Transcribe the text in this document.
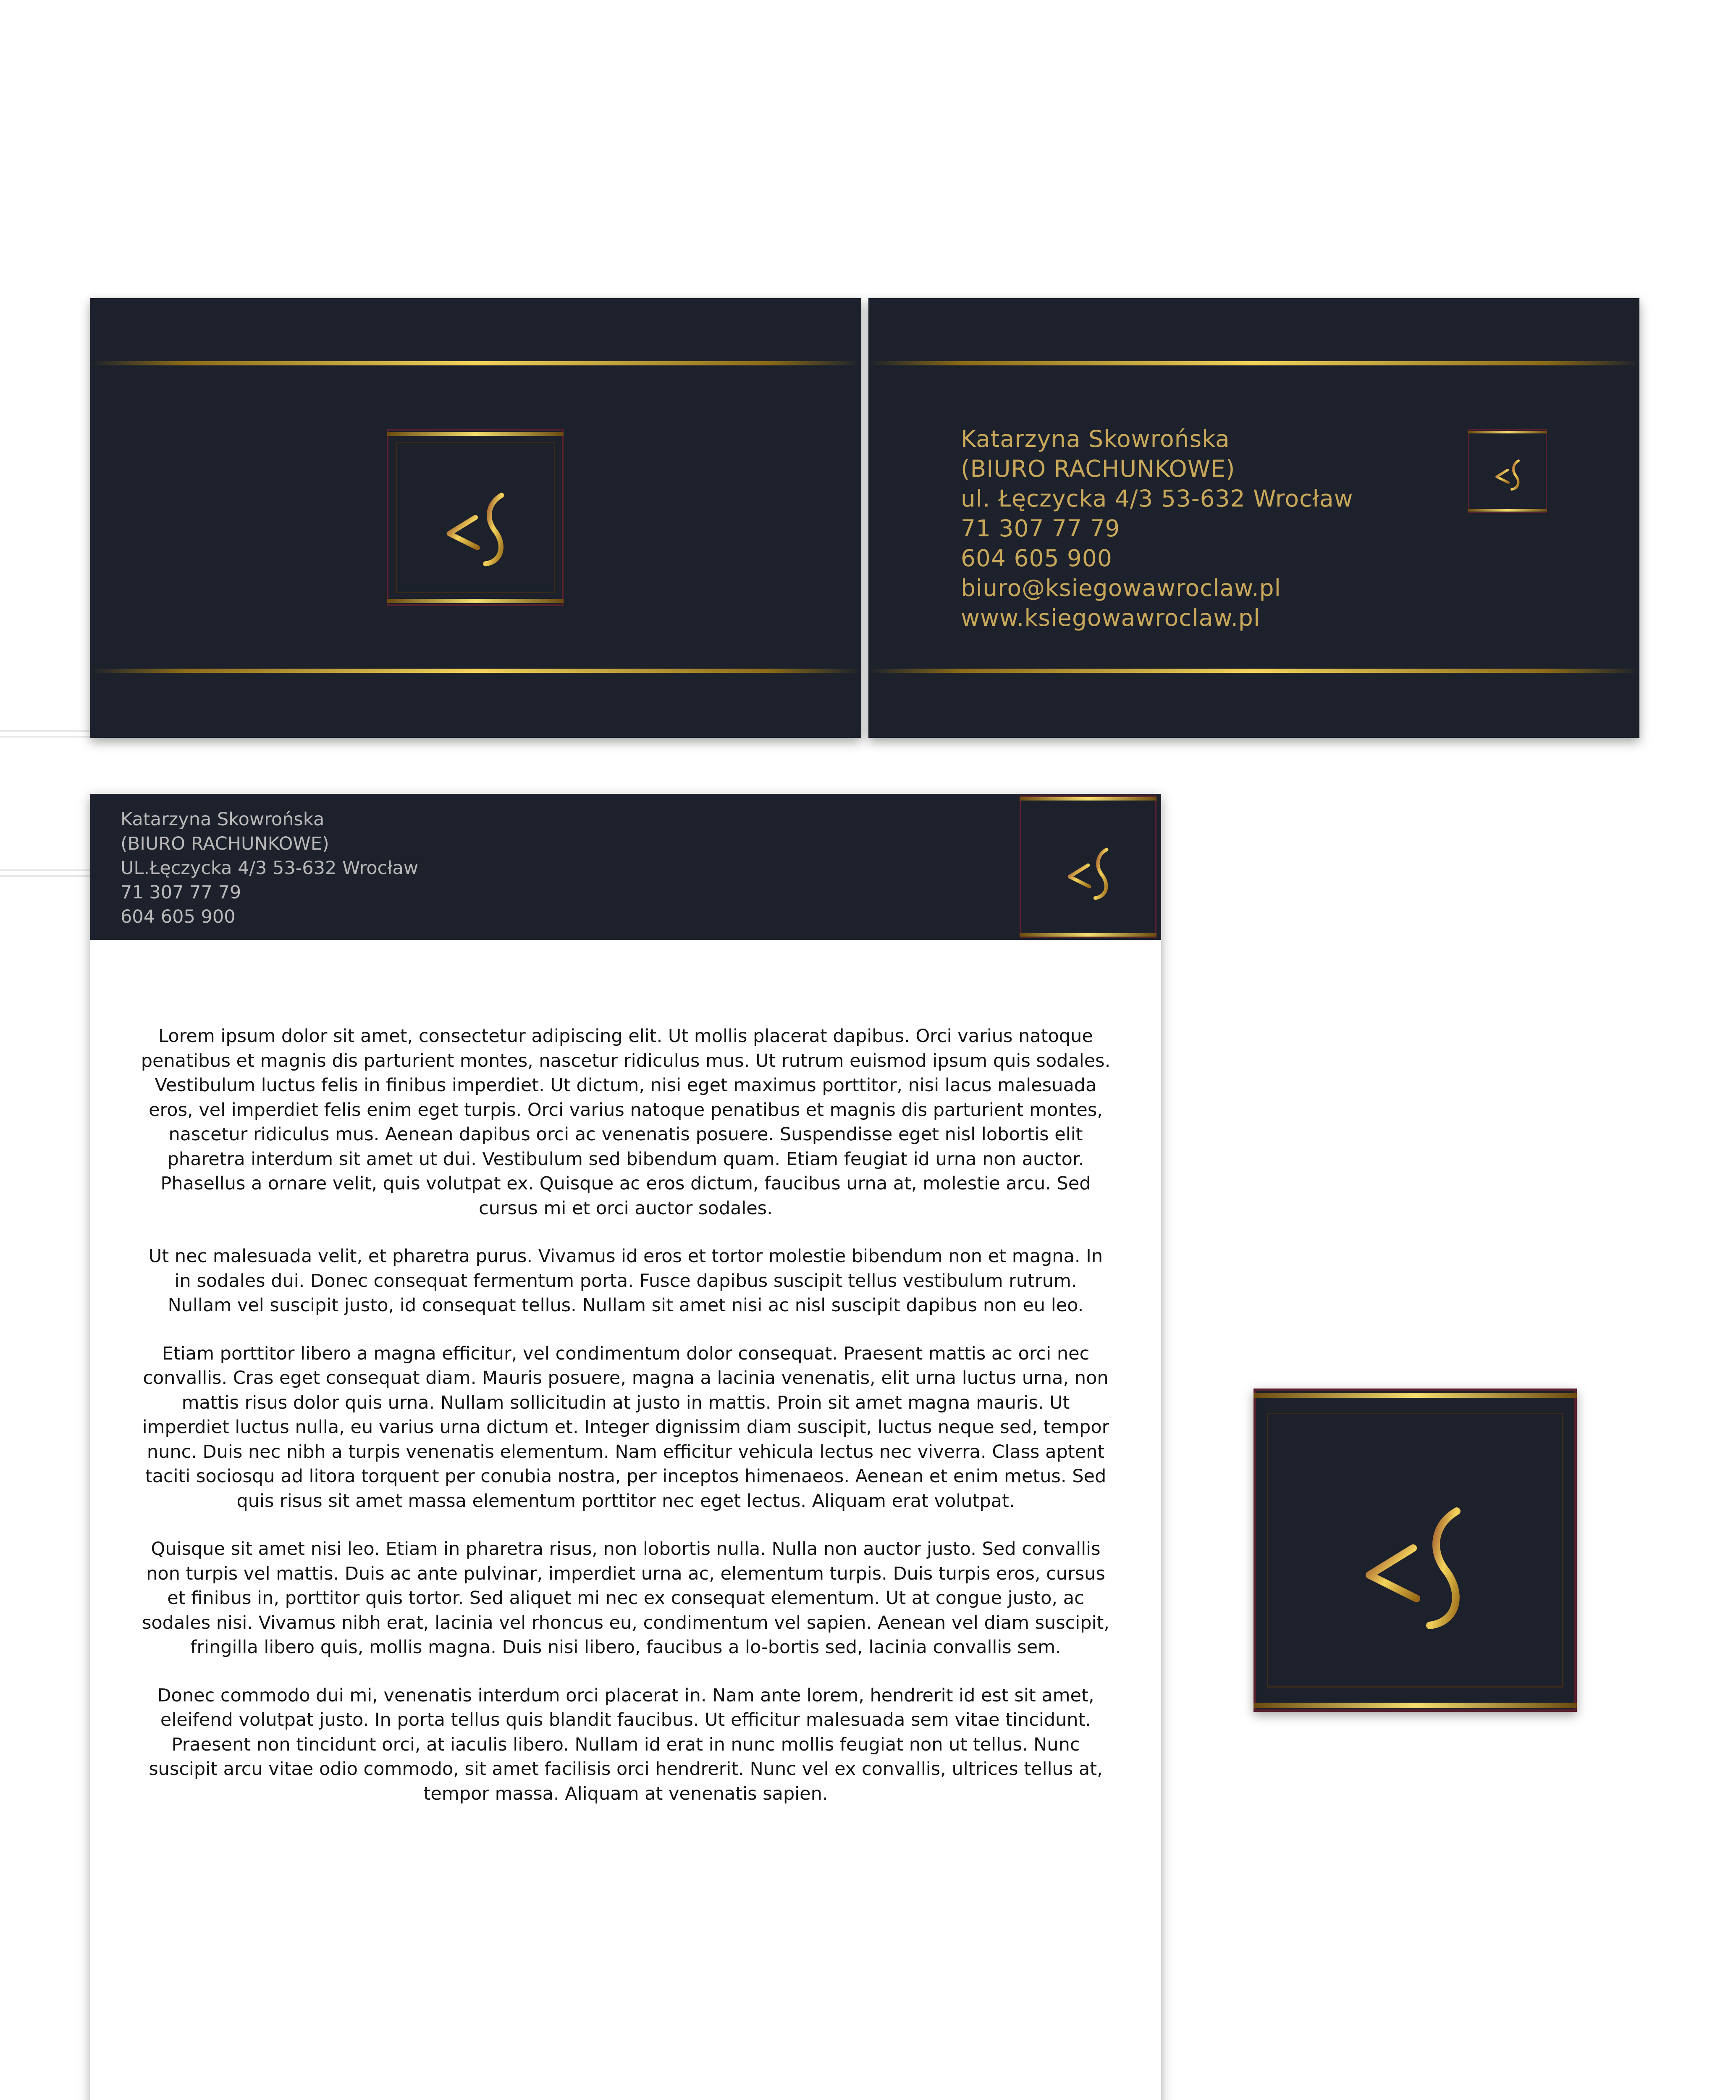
Katarzyna Skowrońska
(BIURO RACHUNKOWE)
ul. Łęczycka 4/3 53-632 Wrocław
71 307 77 79
604 605 900
biuro@ksiegowawroclaw.pl
www.ksiegowawroclaw.pl
Katarzyna Skowrońska
(BIURO RACHUNKOWE)
UL.Łęczycka 4/3 53-632 Wrocław
71 307 77 79
604 605 900

Lorem ipsum dolor sit amet, consectetur adipiscing elit. Ut mollis placerat dapibus. Orci varius natoque penatibus et magnis dis parturient montes, nascetur ridiculus mus. Ut rutrum euismod ipsum quis sodales. Vestibulum luctus felis in finibus imperdiet. Ut dictum, nisi eget maximus porttitor, nisi lacus malesuada eros, vel imperdiet felis enim eget turpis. Orci varius natoque penatibus et magnis dis parturient montes, nascetur ridiculus mus. Aenean dapibus orci ac venenatis posuere. Suspendisse eget nisl lobortis elit pharetra interdum sit amet ut dui. Vestibulum sed bibendum quam. Etiam feugiat id urna non auctor. Phasellus a ornare velit, quis volutpat ex. Quisque ac eros dictum, faucibus urna at, molestie arcu. Sed cursus mi et orci auctor sodales.

Ut nec malesuada velit, et pharetra purus. Vivamus id eros et tortor molestie bibendum non et magna. In in sodales dui. Donec consequat fermentum porta. Fusce dapibus suscipit tellus vestibulum rutrum. Nullam vel suscipit justo, id consequat tellus. Nullam sit amet nisi ac nisl suscipit dapibus non eu leo.

Etiam porttitor libero a magna efficitur, vel condimentum dolor consequat. Praesent mattis ac orci nec convallis. Cras eget consequat diam. Mauris posuere, magna a lacinia venenatis, elit urna luctus urna, non mattis risus dolor quis urna. Nullam sollicitudin at justo in mattis. Proin sit amet magna mauris. Ut imperdiet luctus nulla, eu varius urna dictum et. Integer dignissim diam suscipit, luctus neque sed, tempor nunc. Duis nec nibh a turpis venenatis elementum. Nam efficitur vehicula lectus nec viverra. Class aptent taciti sociosqu ad litora torquent per conubia nostra, per inceptos himenaeos. Aenean et enim metus. Sed quis risus sit amet massa elementum porttitor nec eget lectus. Aliquam erat volutpat.

Quisque sit amet nisi leo. Etiam in pharetra risus, non lobortis nulla. Nulla non auctor justo. Sed convallis non turpis vel mattis. Duis ac ante pulvinar, imperdiet urna ac, elementum turpis. Duis turpis eros, cursus et finibus in, porttitor quis tortor. Sed aliquet mi nec ex consequat elementum. Ut at congue justo, ac sodales nisi. Vivamus nibh erat, lacinia vel rhoncus eu, condimentum vel sapien. Aenean vel diam suscipit, fringilla libero quis, mollis magna. Duis nisi libero, faucibus a lo-bortis sed, lacinia convallis sem.

Donec commodo dui mi, venenatis interdum orci placerat in. Nam ante lorem, hendrerit id est sit amet, eleifend volutpat justo. In porta tellus quis blandit faucibus. Ut efficitur malesuada sem vitae tincidunt. Praesent non tincidunt orci, at iaculis libero. Nullam id erat in nunc mollis feugiat non ut tellus. Nunc suscipit arcu vitae odio commodo, sit amet facilisis orci hendrerit. Nunc vel ex convallis, ultrices tellus at, tempor massa. Aliquam at venenatis sapien.
